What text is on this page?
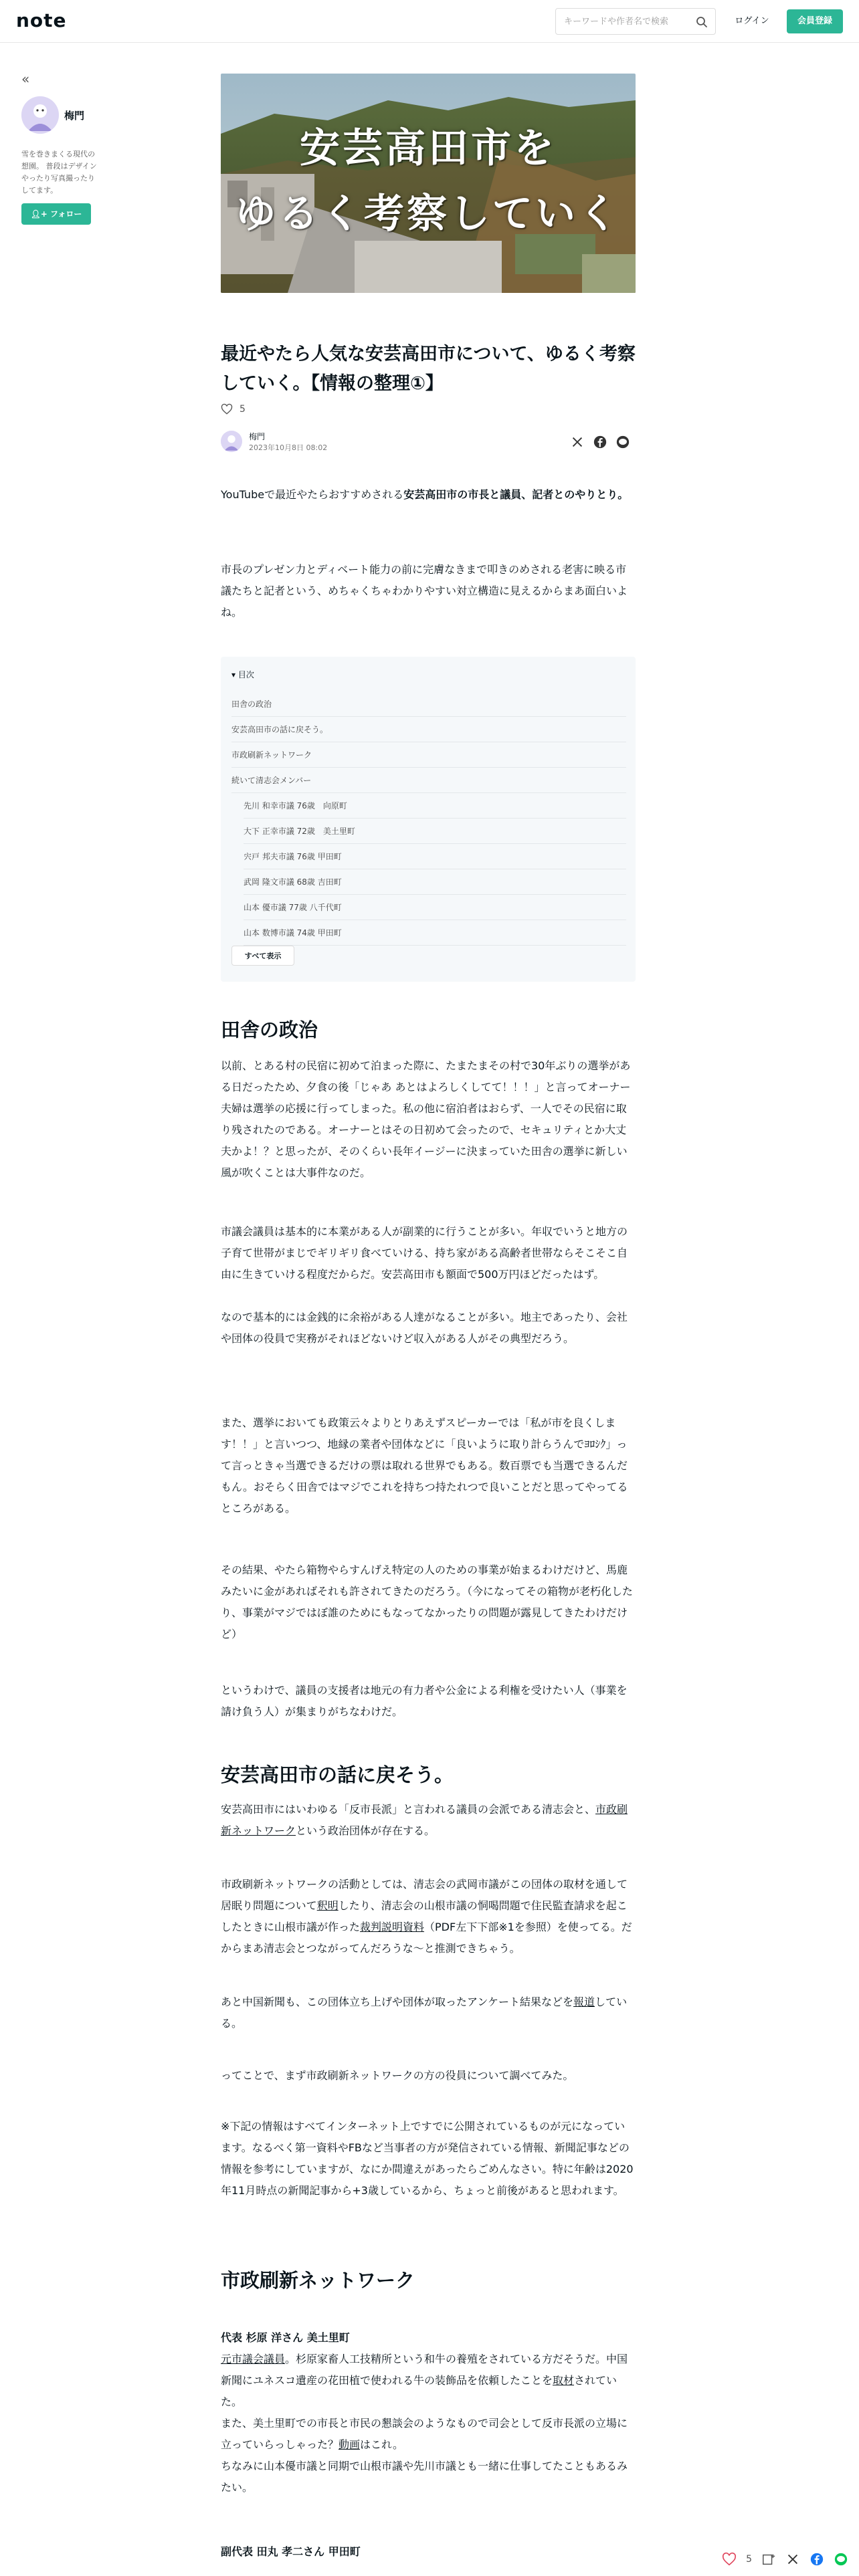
note
キーワードや作者名で検索	ログイン	会員登録
«
梅門
雪を巻きまくる現代の想園。 普段はデザインやったり写真撮ったりしてます。
👤︎+ フォロー
安芸高田市を
ゆるく考察していく
最近やたら人気な安芸高田市について、ゆるく考察していく。【情報の整理①】
5
梅門
2023年10月8日 08:02
YouTubeで最近やたらおすすめされる安芸高田市の市長と議員、記者とのやりとり。
市長のプレゼン力とディベート能力の前に完膚なきまで叩きのめされる老害に映る市議たちと記者という、めちゃくちゃわかりやすい対立構造に見えるからまあ面白いよね。
▾ 目次
田舎の政治
安芸高田市の話に戻そう。
市政刷新ネットワーク
続いて清志会メンバー
先川 和幸市議 76歳　向原町
大下 正幸市議 72歳　美土里町
宍戸 邦夫市議 76歳 甲田町
武岡 隆文市議 68歳 吉田町
山本 優市議 77歳 八千代町
山本 数博市議 74歳 甲田町
すべて表示
田舎の政治
以前、とある村の民宿に初めて泊まった際に、たまたまその村で30年ぶりの選挙がある日だったため、夕食の後「じゃあ あとはよろしくしてて！！！」と言ってオーナー夫婦は選挙の応援に行ってしまった。私の他に宿泊者はおらず、一人でその民宿に取り残されたのである。オーナーとはその日初めて会ったので、セキュリティとか大丈夫かよ！？と思ったが、そのくらい長年イージーに決まっていた田舎の選挙に新しい風が吹くことは大事件なのだ。
市議会議員は基本的に本業がある人が副業的に行うことが多い。年収でいうと地方の子育て世帯がまじでギリギリ食べていける、持ち家がある高齢者世帯ならそこそこ自由に生きていける程度だからだ。安芸高田市も額面で500万円ほどだったはず。
なので基本的には金銭的に余裕がある人達がなることが多い。地主であったり、会社や団体の役員で実務がそれほどないけど収入がある人がその典型だろう。
また、選挙においても政策云々よりとりあえずスピーカーでは「私が市を良くします！！」と言いつつ、地縁の業者や団体などに「良いように取り計らうんでﾖﾛｼｸ」って言っときゃ当選できるだけの票は取れる世界でもある。数百票でも当選できるんだもん。おそらく田舎ではマジでこれを持ちつ持たれつで良いことだと思ってやってるところがある。
その結果、やたら箱物やらすんげえ特定の人のための事業が始まるわけだけど、馬鹿みたいに金があればそれも許されてきたのだろう。（今になってその箱物が老朽化したり、事業がマジではぼ誰のためにもなってなかったりの問題が露見してきたわけだけど）
というわけで、議員の支援者は地元の有力者や公金による利権を受けたい人（事業を請け負う人）が集まりがちなわけだ。
安芸高田市の話に戻そう。
安芸高田市にはいわゆる「反市長派」と言われる議員の会派である清志会と、市政刷新ネットワークという政治団体が存在する。
市政刷新ネットワークの活動としては、清志会の武岡市議がこの団体の取材を通して居眠り問題について釈明したり、清志会の山根市議の恫喝問題で住民監査請求を起こしたときに山根市議が作った裁判説明資料（PDF左下下部※1を参照）を使ってる。だからまあ清志会とつながってんだろうな〜と推測できちゃう。
あと中国新聞も、この団体立ち上げや団体が取ったアンケート結果などを報道している。
ってことで、まず市政刷新ネットワークの方の役員について調べてみた。
※下記の情報はすべてインターネット上ですでに公開されているものが元になっています。なるべく第一資料やFBなど当事者の方が発信されている情報、新聞記事などの情報を参考にしていますが、なにか間違えがあったらごめんなさい。特に年齢は2020年11月時点の新聞記事から+3歳しているから、ちょっと前後があると思われます。
市政刷新ネットワーク
代表 杉原 洋さん 美土里町
元市議会議員。杉原家畜人工技精所という和牛の養殖をされている方だそうだ。中国新聞にユネスコ遺産の花田植で使われる牛の装飾品を依頼したことを取材されていた。
また、美土里町での市長と市民の懇談会のようなもので司会として反市長派の立場に立っていらっしゃった？動画はこれ。
ちなみに山本優市議と同期で山根市議や先川市議とも一緒に仕事してたこともあるみたい。
副代表 田丸 孝二さん 甲田町
5
